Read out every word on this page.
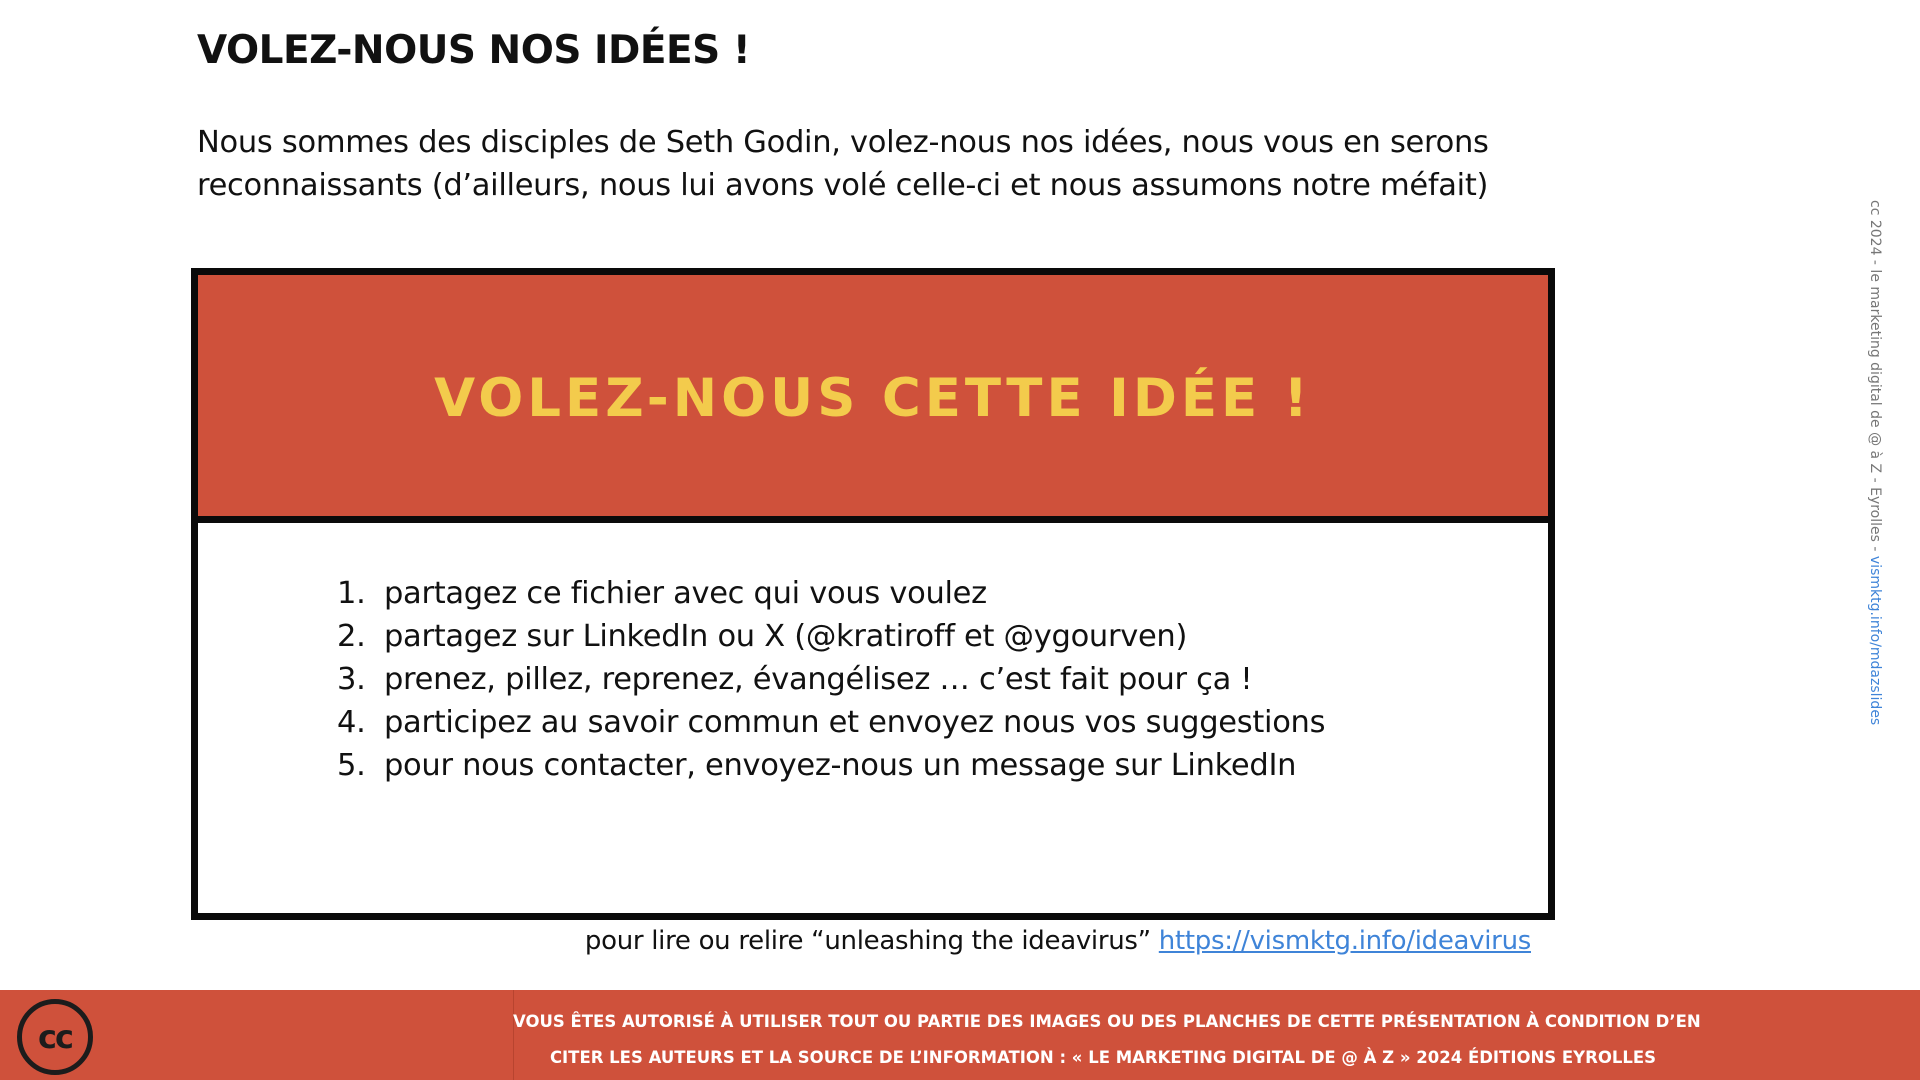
VOLEZ-NOUS NOS IDÉES !
Nous sommes des disciples de Seth Godin, volez-nous nos idées, nous vous en serons
reconnaissants (d’ailleurs, nous lui avons volé celle-ci et nous assumons notre méfait)
VOLEZ-NOUS CETTE IDÉE !
1. partagez ce fichier avec qui vous voulez
2. partagez sur LinkedIn ou X (@kratiroff et @ygourven)
3. prenez, pillez, reprenez, évangélisez … c’est fait pour ça !
4. participez au savoir commun et envoyez nous vos suggestions
5. pour nous contacter, envoyez-nous un message sur LinkedIn

pour lire ou relire “unleashing the ideavirus” https://vismktg.info/ideavirus

cc 2024 - le marketing digital de @ à Z - Eyrolles - vismktg.info/mdazslides
cc	VOUS ÊTES AUTORISÉ À UTILISER TOUT OU PARTIE DES IMAGES OU DES PLANCHES DE CETTE PRÉSENTATION À CONDITION D’EN
CITER LES AUTEURS ET LA SOURCE DE L’INFORMATION : « LE MARKETING DIGITAL DE @ À Z » 2024 ÉDITIONS EYROLLES
